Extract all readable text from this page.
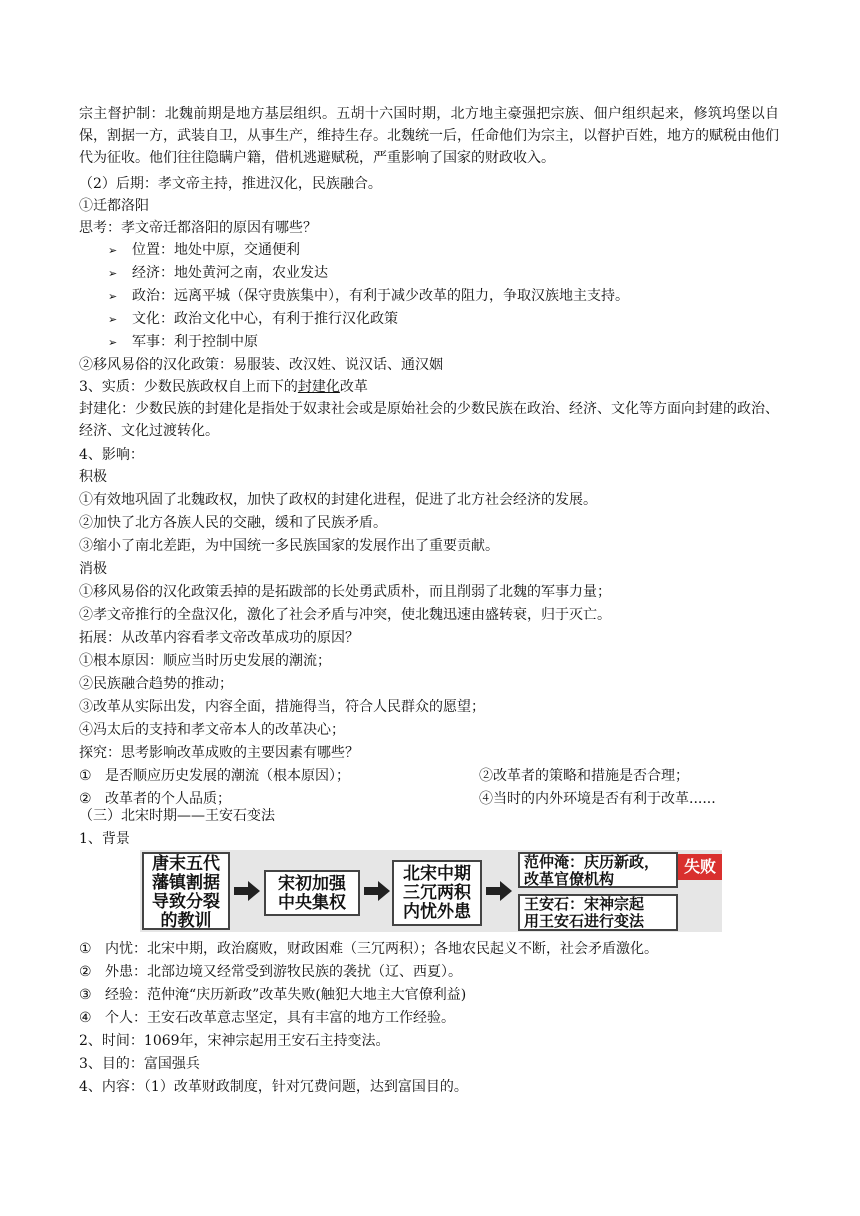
宗主督护制：北魏前期是地方基层组织。五胡十六国时期，北方地主豪强把宗族、佃户组织起来，修筑坞堡以自保，割据一方，武装自卫，从事生产，维持生存。北魏统一后，任命他们为宗主，以督护百姓，地方的赋税由他们代为征收。他们往往隐瞒户籍，借机逃避赋税，严重影响了国家的财政收入。
（2）后期：孝文帝主持，推进汉化，民族融合。
①迁都洛阳
思考：孝文帝迁都洛阳的原因有哪些？
➢ 位置：地处中原，交通便利
➢ 经济：地处黄河之南，农业发达
➢ 政治：远离平城（保守贵族集中），有利于减少改革的阻力，争取汉族地主支持。
➢ 文化：政治文化中心，有利于推行汉化政策
➢ 军事：利于控制中原
②移风易俗的汉化政策：易服装、改汉姓、说汉话、通汉姻
3、实质：少数民族政权自上而下的封建化改革
封建化：少数民族的封建化是指处于奴隶社会或是原始社会的少数民族在政治、经济、文化等方面向封建的政治、经济、文化过渡转化。
4、影响：
积极
①有效地巩固了北魏政权，加快了政权的封建化进程，促进了北方社会经济的发展。
②加快了北方各族人民的交融，缓和了民族矛盾。
③缩小了南北差距，为中国统一多民族国家的发展作出了重要贡献。
消极
①移风易俗的汉化政策丢掉的是拓跋部的长处勇武质朴，而且削弱了北魏的军事力量；
②孝文帝推行的全盘汉化，激化了社会矛盾与冲突，使北魏迅速由盛转衰，归于灭亡。
拓展：从改革内容看孝文帝改革成功的原因？
①根本原因：顺应当时历史发展的潮流；
②民族融合趋势的推动；
③改革从实际出发，内容全面，措施得当，符合人民群众的愿望；
④冯太后的支持和孝文帝本人的改革决心；
探究：思考影响改革成败的主要因素有哪些？
① 是否顺应历史发展的潮流（根本原因）；	②改革者的策略和措施是否合理；
② 改革者的个人品质；	④当时的内外环境是否有利于改革......
（三）北宋时期——王安石变法
1、背景
唐末五代
藩镇割据
导致分裂
的教训
宋初加强
中央集权
北宋中期
三冗两积
内忧外患
范仲淹：庆历新政，
改革官僚机构
失败
王安石：宋神宗起
用王安石进行变法
① 内忧：北宋中期，政治腐败，财政困难（三冗两积）；各地农民起义不断，社会矛盾激化。
② 外患：北部边境又经常受到游牧民族的袭扰（辽、西夏）。
③ 经验：范仲淹“庆历新政”改革失败(触犯大地主大官僚利益)
④ 个人：王安石改革意志坚定，具有丰富的地方工作经验。
2、时间：1069年，宋神宗起用王安石主持变法。
3、目的：富国强兵
4、内容：（1）改革财政制度，针对冗费问题，达到富国目的。
